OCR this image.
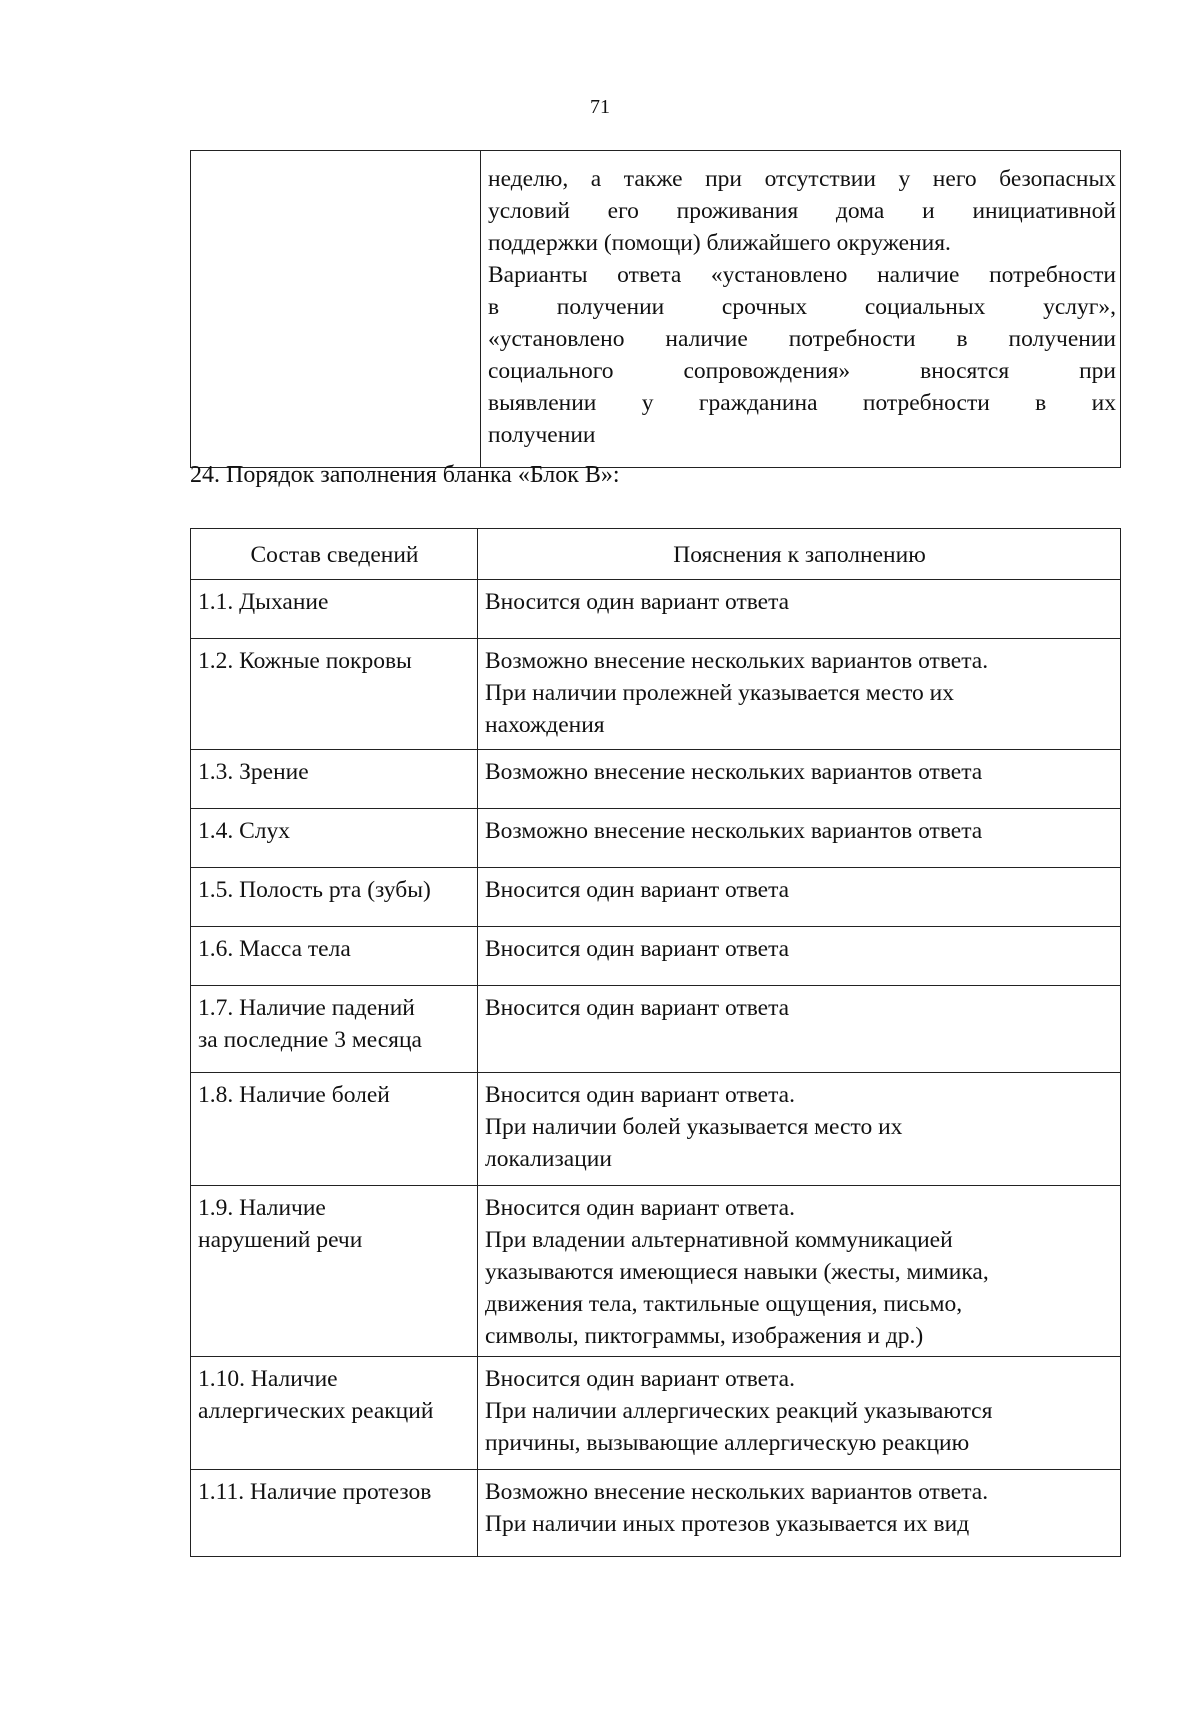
71

неделю, а также при отсутствии у него безопасных
условий его проживания дома и инициативной
поддержки (помощи) ближайшего окружения.
Варианты ответа «установлено наличие потребности
в получении срочных социальных услуг»,
«установлено наличие потребности в получении
социального сопровождения» вносятся при
выявлении у гражданина потребности в их
получении
24. Порядок заполнения бланка «Блок В»:
Состав сведений	Пояснения к заполнению

1.1. Дыхание	Вносится один вариант ответа

1.2. Кожные покровы	Возможно внесение нескольких вариантов ответа.
При наличии пролежней указывается место их
нахождения

1.3. Зрение	Возможно внесение нескольких вариантов ответа

1.4. Слух	Возможно внесение нескольких вариантов ответа

1.5. Полость рта (зубы)	Вносится один вариант ответа

1.6. Масса тела	Вносится один вариант ответа

1.7. Наличие падений
за последние 3 месяца	Вносится один вариант ответа

1.8. Наличие болей	Вносится один вариант ответа.
При наличии болей указывается место их
локализации

1.9. Наличие
нарушений речи	Вносится один вариант ответа.
При владении альтернативной коммуникацией
указываются имеющиеся навыки (жесты, мимика,
движения тела, тактильные ощущения, письмо,
символы, пиктограммы, изображения и др.)

1.10. Наличие
аллергических реакций	Вносится один вариант ответа.
При наличии аллергических реакций указываются
причины, вызывающие аллергическую реакцию

1.11. Наличие протезов	Возможно внесение нескольких вариантов ответа.
При наличии иных протезов указывается их вид
